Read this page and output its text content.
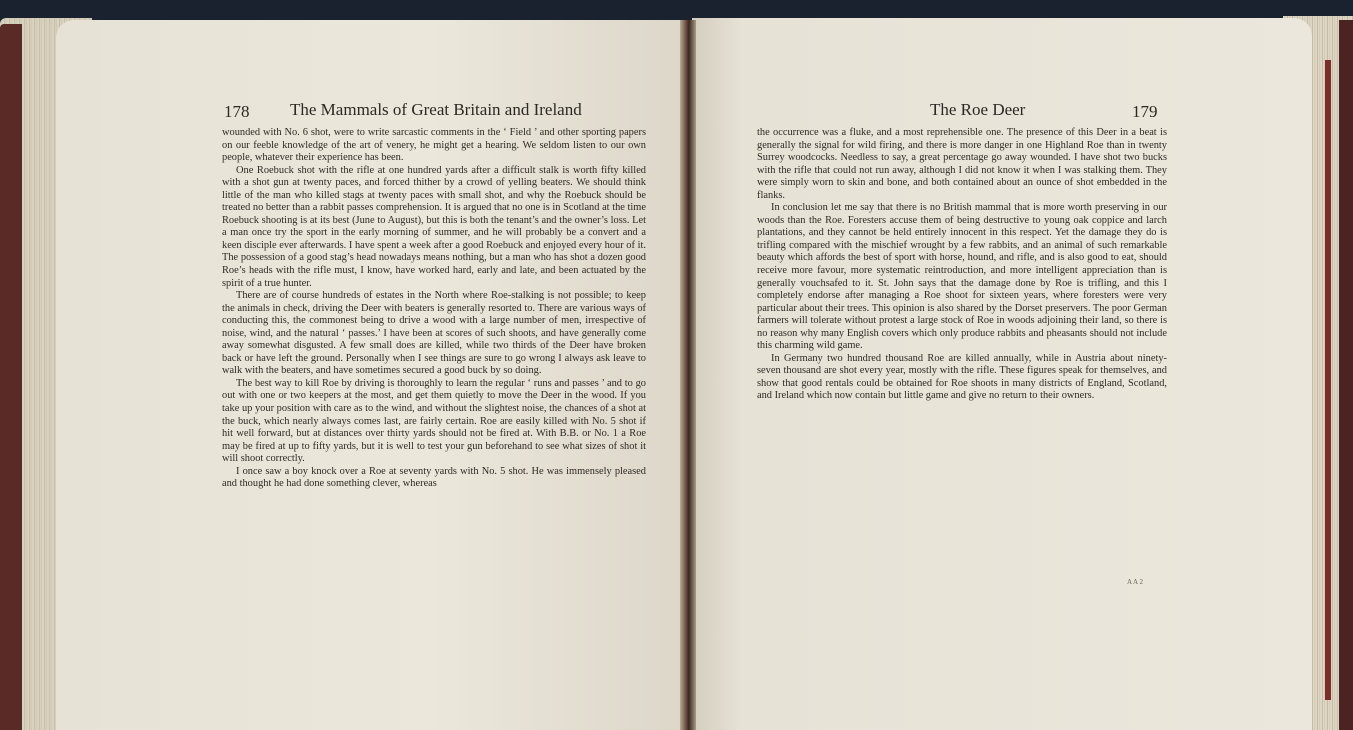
178 The Mammals of Great Britain and Ireland	The Roe Deer	179

wounded with No. 6 shot, were to write sarcastic comments in the ‘ Field ’ and other sporting papers on our feeble knowledge of the art of venery, he might get a hearing. We seldom listen to our own people, whatever their experience has been.

One Roebuck shot with the rifle at one hundred yards after a difficult stalk is worth fifty killed with a shot gun at twenty paces, and forced thither by a crowd of yelling beaters. We should think little of the man who killed stags at twenty paces with small shot, and why the Roebuck should be treated no better than a rabbit passes comprehension. It is argued that no one is in Scotland at the time Roebuck shooting is at its best (June to August), but this is both the tenant’s and the owner’s loss. Let a man once try the sport in the early morning of summer, and he will probably be a convert and a keen disciple ever afterwards. I have spent a week after a good Roebuck and enjoyed every hour of it. The possession of a good stag’s head nowadays means nothing, but a man who has shot a dozen good Roe’s heads with the rifle must, I know, have worked hard, early and late, and been actuated by the spirit of a true hunter.

There are of course hundreds of estates in the North where Roe-stalking is not possible; to keep the animals in check, driving the Deer with beaters is generally resorted to. There are various ways of conducting this, the commonest being to drive a wood with a large number of men, irrespective of noise, wind, and the natural ‘ passes.’ I have been at scores of such shoots, and have generally come away somewhat disgusted. A few small does are killed, while two thirds of the Deer have broken back or have left the ground. Personally when I see things are sure to go wrong I always ask leave to walk with the beaters, and have sometimes secured a good buck by so doing.

The best way to kill Roe by driving is thoroughly to learn the regular ‘ runs and passes ’ and to go out with one or two keepers at the most, and get them quietly to move the Deer in the wood. If you take up your position with care as to the wind, and without the slightest noise, the chances of a shot at the buck, which nearly always comes last, are fairly certain. Roe are easily killed with No. 5 shot if hit well forward, but at distances over thirty yards should not be fired at. With B.B. or No. 1 a Roe may be fired at up to fifty yards, but it is well to test your gun beforehand to see what sizes of shot it will shoot correctly.

I once saw a boy knock over a Roe at seventy yards with No. 5 shot. He was immensely pleased and thought he had done something clever, whereas

the occurrence was a fluke, and a most reprehensible one. The presence of this Deer in a beat is generally the signal for wild firing, and there is more danger in one Highland Roe than in twenty Surrey woodcocks. Needless to say, a great percentage go away wounded. I have shot two bucks with the rifle that could not run away, although I did not know it when I was stalking them. They were simply worn to skin and bone, and both contained about an ounce of shot embedded in the flanks.

In conclusion let me say that there is no British mammal that is more worth preserving in our woods than the Roe. Foresters accuse them of being destructive to young oak coppice and larch plantations, and they cannot be held entirely innocent in this respect. Yet the damage they do is trifling compared with the mischief wrought by a few rabbits, and an animal of such remarkable beauty which affords the best of sport with horse, hound, and rifle, and is also good to eat, should receive more favour, more systematic reintroduction, and more intelligent appreciation than is generally vouchsafed to it. St. John says that the damage done by Roe is trifling, and this I completely endorse after managing a Roe shoot for sixteen years, where foresters were very particular about their trees. This opinion is also shared by the Dorset preservers. The poor German farmers will tolerate without protest a large stock of Roe in woods adjoining their land, so there is no reason why many English covers which only produce rabbits and pheasants should not include this charming wild game.

In Germany two hundred thousand Roe are killed annually, while in Austria about ninety-seven thousand are shot every year, mostly with the rifle. These figures speak for themselves, and show that good rentals could be obtained for Roe shoots in many districts of England, Scotland, and Ireland which now contain but little game and give no return to their owners.

A A 2
